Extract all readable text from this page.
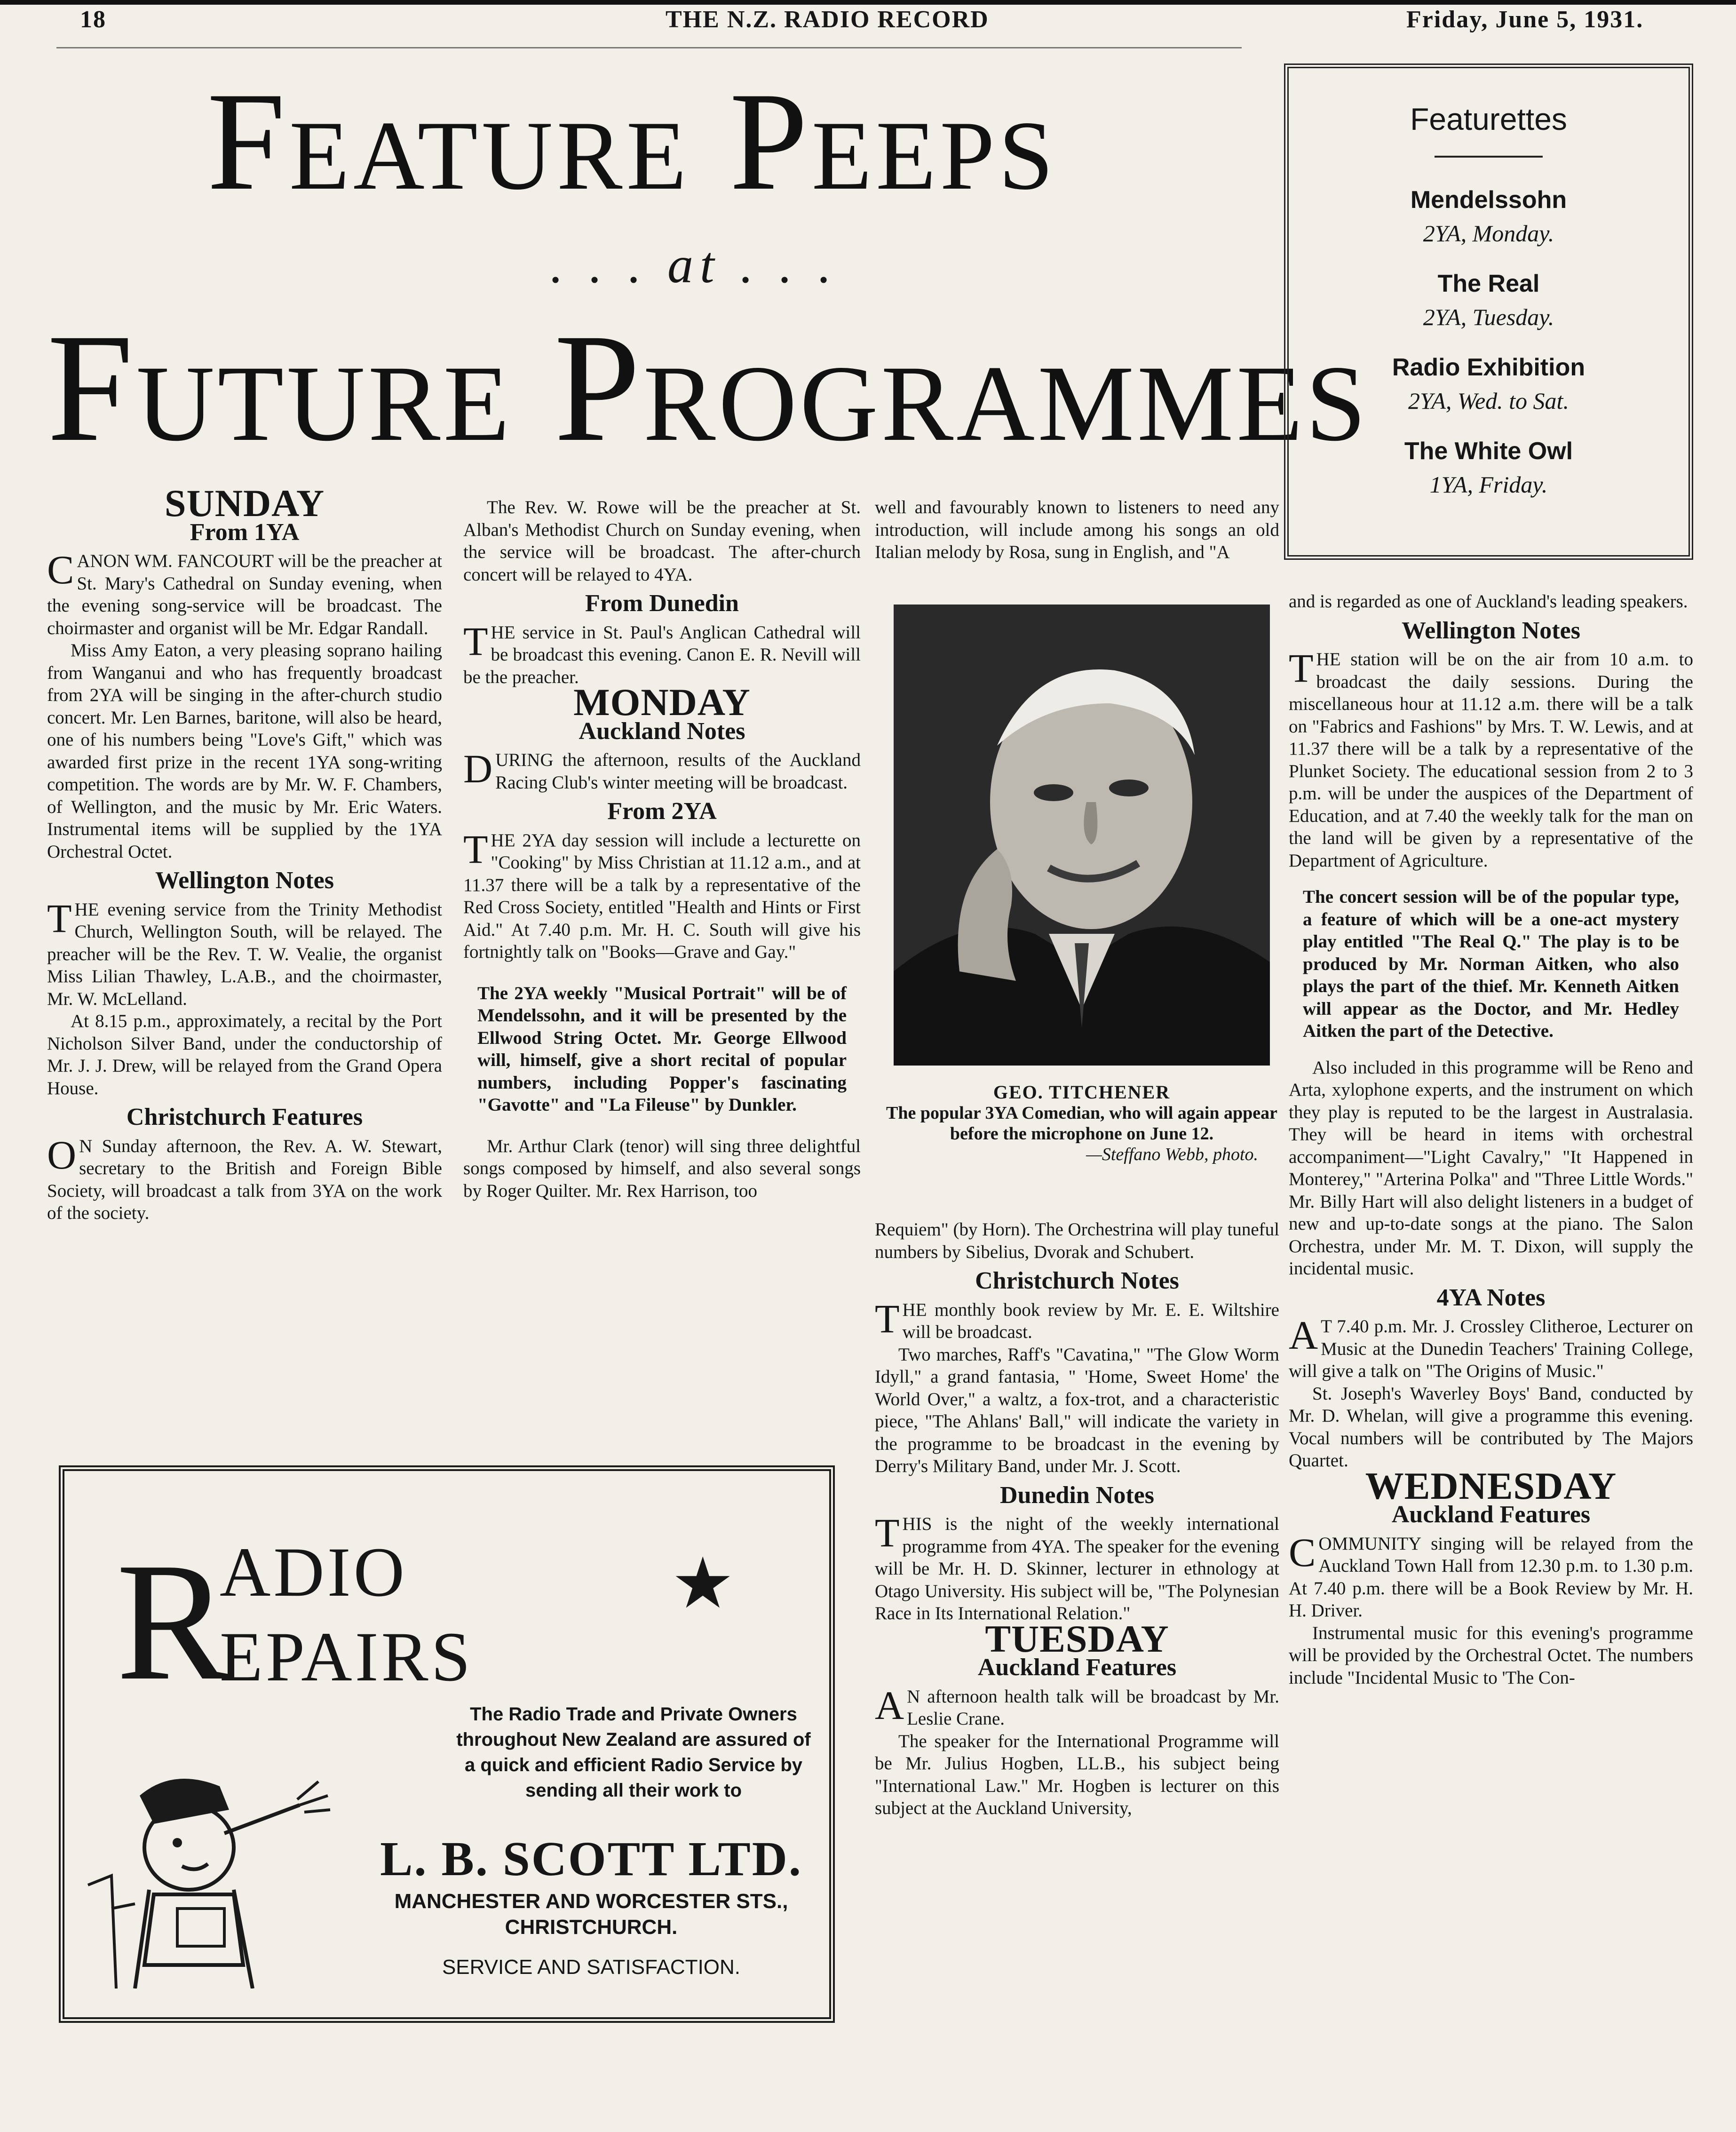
18	THE N.Z. RADIO RECORD	Friday, June 5, 1931.
Feature Peeps
. . . at . . .
Future Programmes
Featurettes
Mendelssohn
2YA, Monday.
The Real
2YA, Tuesday.
Radio Exhibition
2YA, Wed. to Sat.
The White Owl
1YA, Friday.
SUNDAY
From 1YA

CANON WM. FANCOURT will be the preacher at St. Mary's Cathedral on Sunday evening, when the evening song-service will be broadcast. The choirmaster and organist will be Mr. Edgar Randall.

Miss Amy Eaton, a very pleasing soprano hailing from Wanganui and who has frequently broadcast from 2YA will be singing in the after-church studio concert. Mr. Len Barnes, baritone, will also be heard, one of his numbers being "Love's Gift," which was awarded first prize in the recent 1YA song-writing competition. The words are by Mr. W. F. Chambers, of Wellington, and the music by Mr. Eric Waters. Instrumental items will be supplied by the 1YA Orchestral Octet.

Wellington Notes

THE evening service from the Trinity Methodist Church, Wellington South, will be relayed. The preacher will be the Rev. T. W. Vealie, the organist Miss Lilian Thawley, L.A.B., and the choirmaster, Mr. W. McLelland.

At 8.15 p.m., approximately, a recital by the Port Nicholson Silver Band, under the conductorship of Mr. J. J. Drew, will be relayed from the Grand Opera House.

Christchurch Features

O N Sunday afternoon, the Rev. A. W. Stewart, secretary to the British and Foreign Bible Society, will broadcast a talk from 3YA on the work of the society.

The Rev. W. Rowe will be the preacher at St. Alban's Methodist Church on Sunday evening, when the service will be broadcast. The after-church concert will be relayed to 4YA.

From Dunedin

THE service in St. Paul's Anglican Cathedral will be broadcast this evening. Canon E. R. Nevill will be the preacher.

MONDAY
Auckland Notes

DURING the afternoon, results of the Auckland Racing Club's winter meeting will be broadcast.

From 2YA

THE 2YA day session will include a lecturette on "Cooking" by Miss Christian at 11.12 a.m., and at 11.37 there will be a talk by a representative of the Red Cross Society, entitled "Health and Hints or First Aid." At 7.40 p.m. Mr. H. C. South will give his fortnightly talk on "Books—Grave and Gay."

The 2YA weekly "Musical Portrait" will be of Mendelssohn, and it will be presented by the Ellwood String Octet. Mr. George Ellwood will, himself, give a short recital of popular numbers, including Popper's fascinating "Gavotte" and "La Fileuse" by Dunkler.

Mr. Arthur Clark (tenor) will sing three delightful songs composed by himself, and also several songs by Roger Quilter. Mr. Rex Harrison, too

well and favourably known to listeners to need any introduction, will include among his songs an old Italian melody by Rosa, sung in English, and "A

GEO. TITCHENER
The popular 3YA Comedian, who will again appear before the microphone on June 12.
—Steffano Webb, photo.

Requiem" (by Horn). The Orchestrina will play tuneful numbers by Sibelius, Dvorak and Schubert.

Christchurch Notes

THE monthly book review by Mr. E. E. Wiltshire will be broadcast.

Two marches, Raff's "Cavatina," "The Glow Worm Idyll," a grand fantasia, " 'Home, Sweet Home' the World Over," a waltz, a fox-trot, and a characteristic piece, "The Ahlans' Ball," will indicate the variety in the programme to be broadcast in the evening by Derry's Military Band, under Mr. J. Scott.

Dunedin Notes

THIS is the night of the weekly international programme from 4YA. The speaker for the evening will be Mr. H. D. Skinner, lecturer in ethnology at Otago University. His subject will be, "The Polynesian Race in Its International Relation."

TUESDAY
Auckland Features

A N afternoon health talk will be broadcast by Mr. Leslie Crane.

The speaker for the International Programme will be Mr. Julius Hogben, LL.B., his subject being "International Law." Mr. Hogben is lecturer on this subject at the Auckland University,

and is regarded as one of Auckland's leading speakers.

Wellington Notes

THE station will be on the air from 10 a.m. to broadcast the daily sessions. During the miscellaneous hour at 11.12 a.m. there will be a talk on "Fabrics and Fashions" by Mrs. T. W. Lewis, and at 11.37 there will be a talk by a representative of the Plunket Society. The educational session from 2 to 3 p.m. will be under the auspices of the Department of Education, and at 7.40 the weekly talk for the man on the land will be given by a representative of the Department of Agriculture.

The concert session will be of the popular type, a feature of which will be a one-act mystery play entitled "The Real Q." The play is to be produced by Mr. Norman Aitken, who also plays the part of the thief. Mr. Kenneth Aitken will appear as the Doctor, and Mr. Hedley Aitken the part of the Detective.

Also included in this programme will be Reno and Arta, xylophone experts, and the instrument on which they play is reputed to be the largest in Australasia. They will be heard in items with orchestral accompaniment—"Light Cavalry," "It Happened in Monterey," "Arterina Polka" and "Three Little Words." Mr. Billy Hart will also delight listeners in a budget of new and up-to-date songs at the piano. The Salon Orchestra, under Mr. M. T. Dixon, will supply the incidental music.

4YA Notes

A T 7.40 p.m. Mr. J. Crossley Clitheroe, Lecturer on Music at the Dunedin Teachers' Training College, will give a talk on "The Origins of Music."

St. Joseph's Waverley Boys' Band, conducted by Mr. D. Whelan, will give a programme this evening. Vocal numbers will be contributed by The Majors Quartet.

WEDNESDAY
Auckland Features

COMMUNITY singing will be relayed from the Auckland Town Hall from 12.30 p.m. to 1.30 p.m. At 7.40 p.m. there will be a Book Review by Mr. H. H. Driver.

Instrumental music for this evening's programme will be provided by the Orchestral Octet. The numbers include "Incidental Music to 'The Con-

R
ADIO
EPAIRS
★
The Radio Trade and Private Owners throughout New Zealand are assured of a quick and efficient Radio Service by sending all their work to
L. B. SCOTT LTD.
MANCHESTER AND WORCESTER STS.,
CHRISTCHURCH.
SERVICE AND SATISFACTION.
